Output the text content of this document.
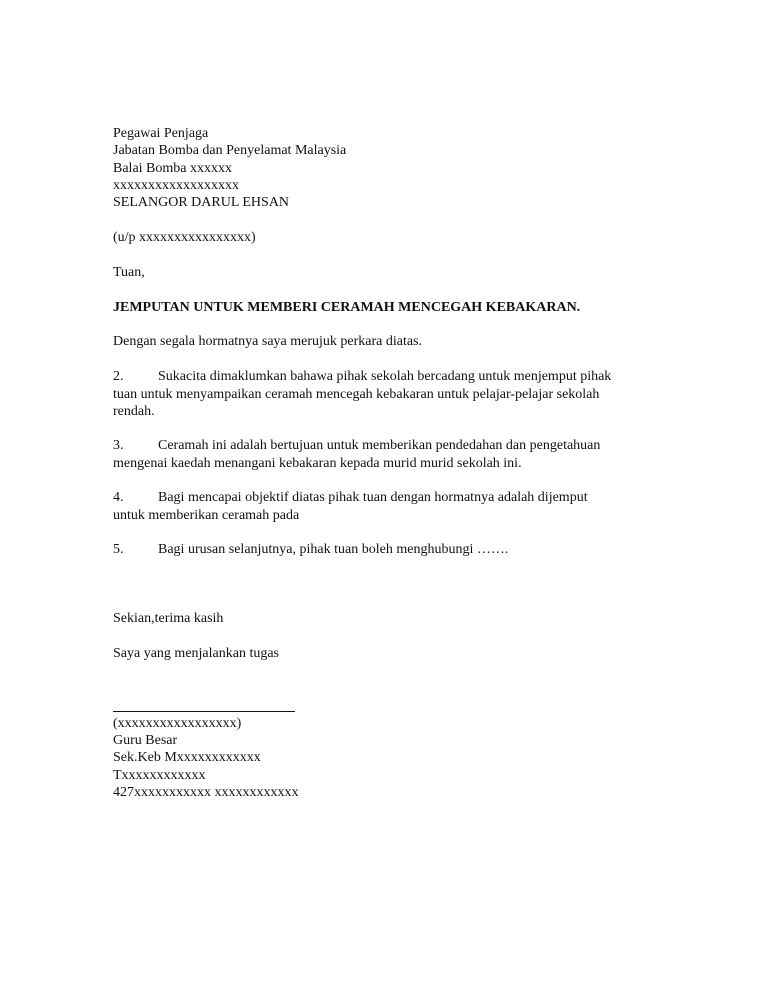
Pegawai Penjaga
Jabatan Bomba dan Penyelamat Malaysia
Balai Bomba xxxxxx
xxxxxxxxxxxxxxxxxx
SELANGOR DARUL EHSAN
(u/p xxxxxxxxxxxxxxxx)
Tuan,
JEMPUTAN UNTUK MEMBERI CERAMAH MENCEGAH KEBAKARAN.
Dengan segala hormatnya saya merujuk perkara diatas.
2. Sukacita dimaklumkan bahawa pihak sekolah bercadang untuk menjemput pihak
tuan untuk menyampaikan ceramah mencegah kebakaran untuk pelajar-pelajar sekolah
rendah.
3. Ceramah ini adalah bertujuan untuk memberikan pendedahan dan pengetahuan
mengenai kaedah menangani kebakaran kepada murid murid sekolah ini.
4. Bagi mencapai objektif diatas pihak tuan dengan hormatnya adalah dijemput
untuk memberikan ceramah pada
5. Bagi urusan selanjutnya, pihak tuan boleh menghubungi …….
Sekian,terima kasih
Saya yang menjalankan tugas
(xxxxxxxxxxxxxxxxx)
Guru Besar
Sek.Keb Mxxxxxxxxxxxx
Txxxxxxxxxxxx
427xxxxxxxxxxx xxxxxxxxxxxx
